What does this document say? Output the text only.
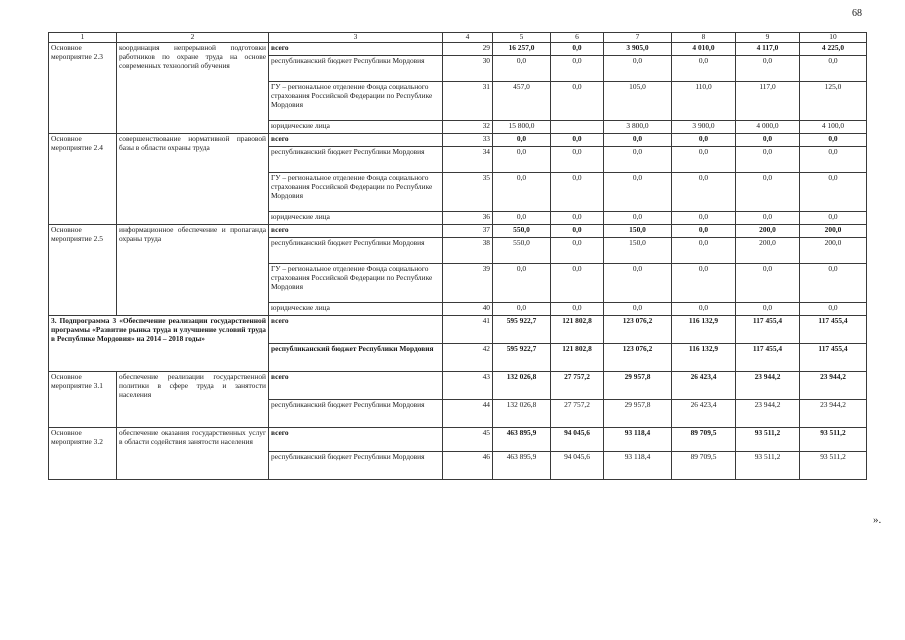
68
1	2	3	4	5	6	7	8	9	10
Основное мероприятие 2.3	координация непрерывной подготовки работников по охране труда на основе современных технологий обучения	всего	29	16 257,0	0,0	3 905,0	4 010,0	4 117,0	4 225,0
		республиканский бюджет Республики Мордовия	30	0,0	0,0	0,0	0,0	0,0	0,0
		ГУ – региональное отделение Фонда социального страхования Российской Федерации по Республике Мордовия	31	457,0	0,0	105,0	110,0	117,0	125,0
		юридические лица	32	15 800,0		3 800,0	3 900,0	4 000,0	4 100,0
Основное мероприятие 2.4	совершенствование нормативной правовой базы в области охраны труда	всего	33	0,0	0,0	0,0	0,0	0,0	0,0
		республиканский бюджет Республики Мордовия	34	0,0	0,0	0,0	0,0	0,0	0,0
		ГУ – региональное отделение Фонда социального страхования Российской Федерации по Республике Мордовия	35	0,0	0,0	0,0	0,0	0,0	0,0
		юридические лица	36	0,0	0,0	0,0	0,0	0,0	0,0
Основное мероприятие 2.5	информационное обеспечение и пропаганда охраны труда	всего	37	550,0	0,0	150,0	0,0	200,0	200,0
		республиканский бюджет Республики Мордовия	38	550,0	0,0	150,0	0,0	200,0	200,0
		ГУ – региональное отделение Фонда социального страхования Российской Федерации по Республике Мордовия	39	0,0	0,0	0,0	0,0	0,0	0,0
		юридические лица	40	0,0	0,0	0,0	0,0	0,0	0,0
3. Подпрограмма 3 «Обеспечение реализации государственной программы «Развитие рынка труда и улучшение условий труда в Республике Мордовия» на 2014 – 2018 годы»		всего	41	595 922,7	121 802,8	123 076,2	116 132,9	117 455,4	117 455,4
		республиканский бюджет Республики Мордовия	42	595 922,7	121 802,8	123 076,2	116 132,9	117 455,4	117 455,4
Основное мероприятие 3.1	обеспечение реализации государственной политики в сфере труда и занятости населения	всего	43	132 026,8	27 757,2	29 957,8	26 423,4	23 944,2	23 944,2
		республиканский бюджет Республики Мордовия	44	132 026,8	27 757,2	29 957,8	26 423,4	23 944,2	23 944,2
Основное мероприятие 3.2	обеспечение оказания государственных услуг в области содействия занятости населения	всего	45	463 895,9	94 045,6	93 118,4	89 709,5	93 511,2	93 511,2
		республиканский бюджет Республики Мордовия	46	463 895,9	94 045,6	93 118,4	89 709,5	93 511,2	93 511,2
».
